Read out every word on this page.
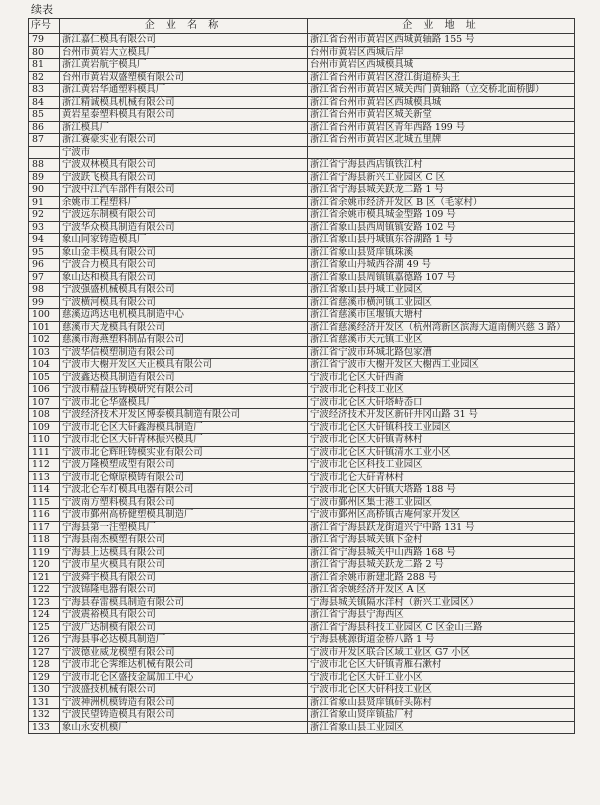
续表
序号	企 业 名 称	企 业 地 址
79	浙江嘉仁模具有限公司	浙江省台州市黄岩区西城黄轴路 155 号
80	台州市黄岩大立模具厂	台州市黄岩区西城后岸
81	浙江黄岩航宇模具厂	台州市黄岩区西城模具城
82	台州市黄岩双盛塑模有限公司	浙江省台州市黄岩区澄江街道桥头王
83	浙江黄岩华通塑料模具厂	浙江省台州市黄岩区城关西门黄轴路（立交桥北面桥脚）
84	浙江精诚模具机械有限公司	浙江省台州市黄岩区西城模具城
85	黄岩星泰塑料模具有限公司	浙江省台州市黄岩区城关新堂
86	浙江模具厂	浙江省台州市黄岩区青年西路 199 号
87	浙江赛豪实业有限公司	浙江省台州市黄岩区北城五里牌
	宁波市	
88	宁波双林模具有限公司	浙江省宁海县西店镇铁江村
89	宁波跃飞模具有限公司	浙江省宁海县新兴工业园区 C 区
90	宁波中江汽车部件有限公司	浙江省宁海县城关跃龙二路 1 号
91	余姚市工程塑料厂	浙江省余姚市经济开发区 B 区（毛家村）
92	宁波远东制模有限公司	浙江省余姚市模具城金型路 109 号
93	宁波华众模具制造有限公司	浙江省象山县西周镇镇安路 102 号
94	象山同家铸造模具厂	浙江省象山县丹城镇东谷湖路 1 号
95	象山金丰模具有限公司	浙江省象山县贤庠镇珠溪
96	宁波合力模具有限公司	浙江省象山丹城西谷湖 49 号
97	象山达和模具有限公司	浙江省象山县周镇镇嘉德路 107 号
98	宁波强盛机械模具有限公司	浙江省象山县丹城工业园区
99	宁波横河模具有限公司	浙江省慈溪市横河镇工业园区
100	慈溪迈鸿达电机模具制造中心	浙江省慈溪市匡堰镇大塘村
101	慈溪市天龙模具有限公司	浙江省慈溪经济开发区（杭州湾新区滨海大道南侧兴慈 3 路）
102	慈溪市海燕塑料制品有限公司	浙江省慈溪市天元镇工业区
103	宁波华信模塑制造有限公司	浙江省宁波市环城北路包家漕
104	宁波市大榭开发区天正模具有限公司	浙江省宁波市大榭开发区大榭西工业园区
105	宁波鑫达模具制造有限公司	宁波市北仑区大矸西斋
106	宁波市精益压铸模研究有限公司	宁波市北仑科技工业区
107	宁波市北仑华盛模具厂	宁波市北仑区大矸塔峙岙口
108	宁波经济技术开发区博泰模具制造有限公司	宁波经济技术开发区新矸井冈山路 31 号
109	宁波市北仑区大矸鑫海模具制造厂	宁波市北仑区大矸镇科技工业园区
110	宁波市北仑区大矸青林振兴模具厂	宁波市北仑区大矸镇青林村
111	宁波市北仑辉旺铸模实业有限公司	宁波市北仑区大矸镇清水工业小区
112	宁波万隆模塑成型有限公司	宁波市北仑区科技工业园区
113	宁波市北仑燎原模铸有限公司	宁波市北仑大矸青林村
114	宁波北仑车灯模具电器有限公司	宁波市北仑区大矸镇大塔路 188 号
115	宁波南方塑料模具有限公司	宁波市鄞州区集士港工业园区
116	宁波市鄞州高桥健塑模具制造厂	宁波市鄞州区高桥镇古庵何家开发区
117	宁海县第一注塑模具厂	浙江省宁海县跃龙街道兴宁中路 131 号
118	宁海县南杰模塑有限公司	浙江省宁海县城关镇下金村
119	宁海县上达模具有限公司	浙江省宁海县城关中山西路 168 号
120	宁波市星火模具有限公司	浙江省宁海县城关跃龙二路 2 号
121	宁波舜宇模具有限公司	浙江省余姚市新建北路 288 号
122	宁波锦隆电器有限公司	浙江省余姚经济开发区 A 区
123	宁海县春雷模具制造有限公司	宁海县城关镇隔水洋村（新兴工业园区）
124	宁波震裕模具有限公司	浙江省宁海县宁海西区
125	宁波广达制模有限公司	浙江省宁海县科技工业园区 C 区金山三路
126	宁海县事必达模具制造厂	宁海县桃源街道金桥八路 1 号
127	宁波德业威龙模塑有限公司	宁波市开发区联合区域工业区 G7 小区
128	宁波市北仑霁维达机械有限公司	宁波市北仑区大矸镇青雁石漱村
129	宁波市北仑区盛技金属加工中心	宁波市北仑区大矸工业小区
130	宁波盛技机械有限公司	宁波市北仑区大矸科技工业区
131	宁波神洲机模铸造有限公司	浙江省象山县贤庠镇矸头陈村
132	宁波民望铸造模具有限公司	浙江省象山贤庠镇盐厂村
133	象山永安机模厂	浙江省象山县工业园区
